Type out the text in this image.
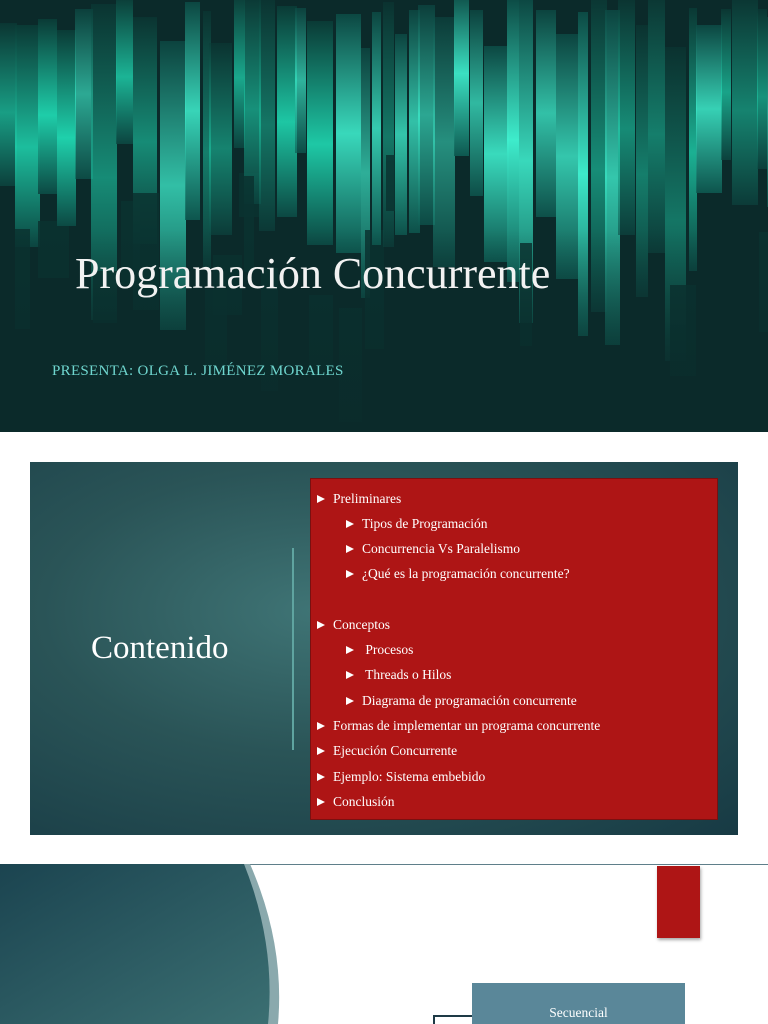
Programación Concurrente
PRESENTA: OLGA L. JIMÉNEZ MORALES
Contenido
Preliminares
Tipos de Programación
Concurrencia Vs Paralelismo
¿Qué es la programación concurrente?
Conceptos
Procesos
Threads o Hilos
Diagrama de programación concurrente
Formas de implementar un programa concurrente
Ejecución Concurrente
Ejemplo: Sistema embebido
Conclusión
Secuencial
